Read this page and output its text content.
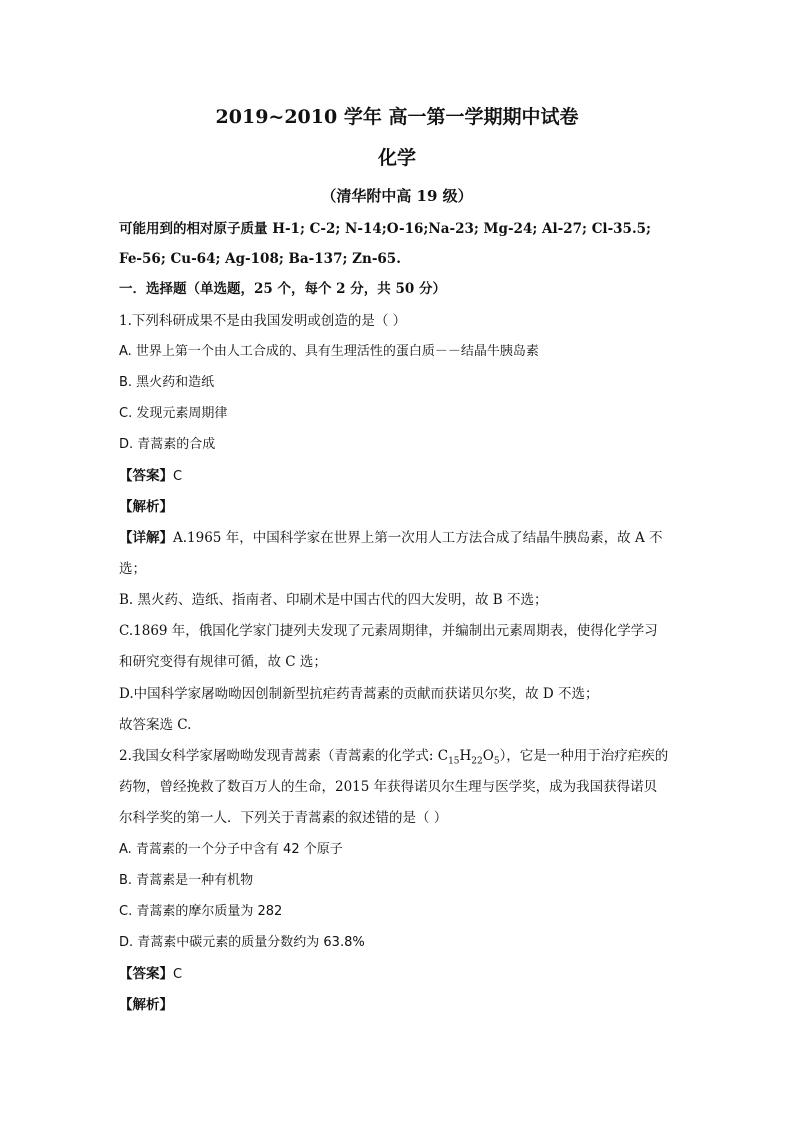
2019~2010 学年 高一第一学期期中试卷
化学
（清华附中高 19 级）
可能用到的相对原子质量 H-1; C-2; N-14;O-16;Na-23; Mg-24; Al-27; Cl-35.5;
Fe-56; Cu-64; Ag-108; Ba-137; Zn-65.
一．选择题（单选题，25 个，每个 2 分，共 50 分）
1.下列科研成果不是由我国发明或创造的是（ ）
A. 世界上第一个由人工合成的、具有生理活性的蛋白质－－结晶牛胰岛素
B. 黑火药和造纸
C. 发现元素周期律
D. 青蒿素的合成
【答案】C
【解析】
【详解】A.1965 年，中国科学家在世界上第一次用人工方法合成了结晶牛胰岛素，故 A 不
选；
B. 黑火药、造纸、指南者、印刷术是中国古代的四大发明，故 B 不选；
C.1869 年，俄国化学家门捷列夫发现了元素周期律，并编制出元素周期表，使得化学学习
和研究变得有规律可循，故 C 选；
D.中国科学家屠呦呦因创制新型抗疟药青蒿素的贡献而获诺贝尔奖，故 D 不选；
故答案选 C.
2.我国女科学家屠呦呦发现青蒿素（青蒿素的化学式: $C_{15}H_{22}O_5$），它是一种用于治疗疟疾的
药物，曾经挽救了数百万人的生命，2015 年获得诺贝尔生理与医学奖，成为我国获得诺贝
尔科学奖的第一人．下列关于青蒿素的叙述错的是（ ）
A. 青蒿素的一个分子中含有 42 个原子
B. 青蒿素是一种有机物
C. 青蒿素的摩尔质量为 282
D. 青蒿素中碳元素的质量分数约为 63.8%
【答案】C
【解析】
